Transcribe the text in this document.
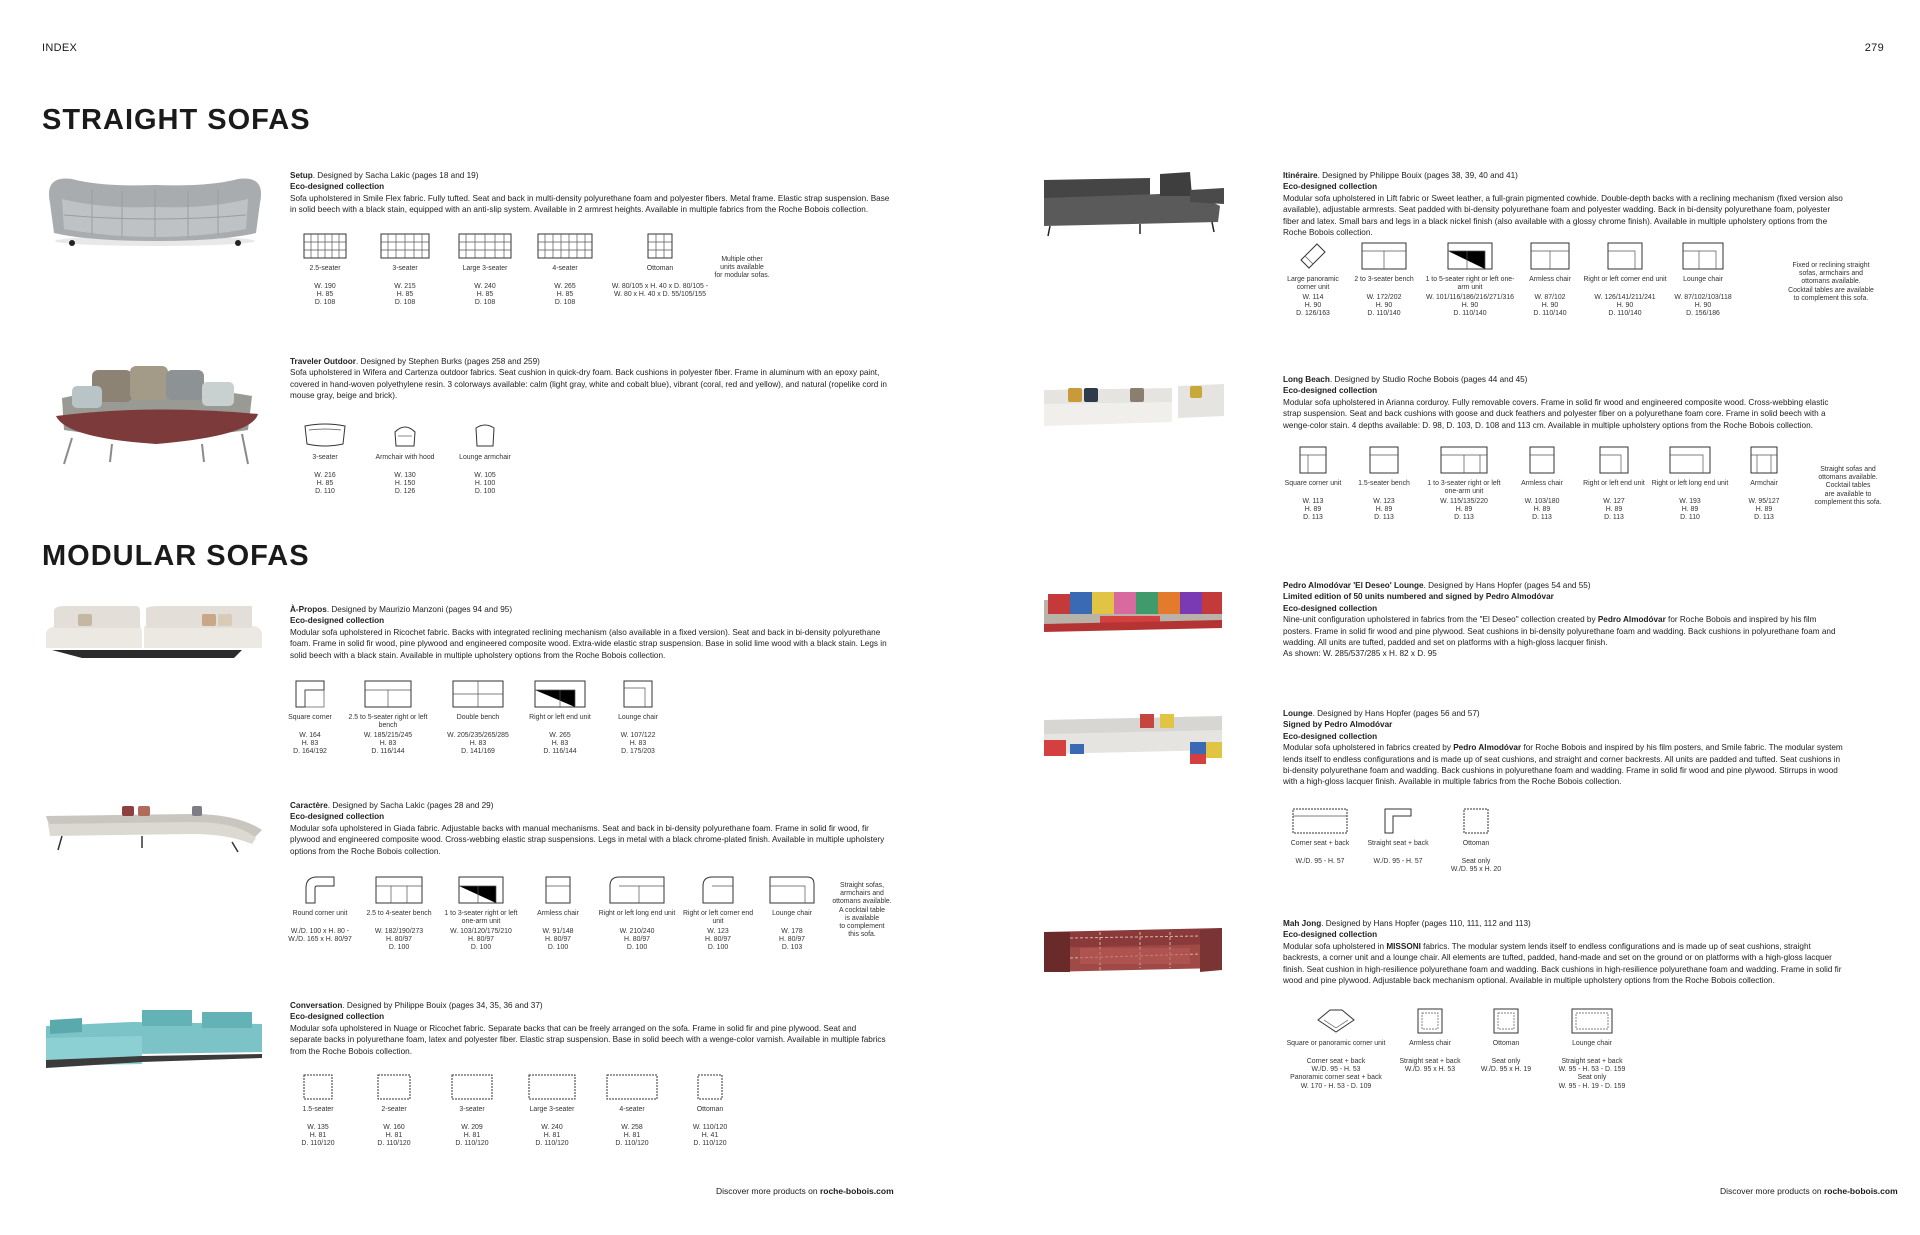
INDEX
STRAIGHT SOFAS
Setup. Designed by Sacha Lakic (pages 18 and 19)
Eco-designed collection
Sofa upholstered in Smile Flex fabric. Fully tufted. Seat and back in multi-density polyurethane foam and polyester fibers. Metal frame. Elastic strap suspension. Base in solid beech with a black stain, equipped with an anti-slip system. Available in 2 armrest heights. Available in multiple fabrics from the Roche Bobois collection.
2.5-seater
W. 190
H. 85
D. 108
3-seater
W. 215
H. 85
D. 108
Large 3-seater
W. 240
H. 85
D. 108
4-seater
W. 265
H. 85
D. 108
Ottoman
W. 80/105 x H. 40 x D. 80/105 -
W. 80 x H. 40 x D. 55/105/155
Multiple other
units available
for modular sofas.
Traveler Outdoor. Designed by Stephen Burks (pages 258 and 259)
Sofa upholstered in Wifera and Cartenza outdoor fabrics. Seat cushion in quick-dry foam. Back cushions in polyester fiber. Frame in aluminum with an epoxy paint, covered in hand-woven polyethylene resin. 3 colorways available: calm (light gray, white and cobalt blue), vibrant (coral, red and yellow), and natural (ropelike cord in mouse gray, beige and brick).
3-seater
W. 216
H. 85
D. 110
Armchair with hood
W. 130
H. 150
D. 126
Lounge armchair
W. 105
H. 100
D. 100
MODULAR SOFAS
À-Propos. Designed by Maurizio Manzoni (pages 94 and 95)
Eco-designed collection
Modular sofa upholstered in Ricochet fabric. Backs with integrated reclining mechanism (also available in a fixed version). Seat and back in bi-density polyurethane foam. Frame in solid fir wood, pine plywood and engineered composite wood. Extra-wide elastic strap suspension. Base in solid lime wood with a black stain. Legs in solid beech with a black stain. Available in multiple upholstery options from the Roche Bobois collection.
Square corner
W. 164
H. 83
D. 164/192
2.5 to 5-seater right or left bench
W. 185/215/245
H. 83
D. 116/144
Double bench
W. 205/235/265/285
H. 83
D. 141/169
Right or left end unit
W. 265
H. 83
D. 116/144
Lounge chair
W. 107/122
H. 83
D. 175/203
Caractère. Designed by Sacha Lakic (pages 28 and 29)
Eco-designed collection
Modular sofa upholstered in Giada fabric. Adjustable backs with manual mechanisms. Seat and back in bi-density polyurethane foam. Frame in solid fir wood, fir plywood and engineered composite wood. Cross-webbing elastic strap suspensions. Legs in metal with a black chrome-plated finish. Available in multiple upholstery options from the Roche Bobois collection.
Round corner unit
W./D. 100 x H. 80 -
W./D. 165 x H. 80/97
2.5 to 4-seater bench
W. 182/190/273
H. 80/97
D. 100
1 to 3-seater right or left one-arm unit
W. 103/120/175/210
H. 80/97
D. 100
Armless chair
W. 91/148
H. 80/97
D. 100
Right or left long end unit
W. 210/240
H. 80/97
D. 100
Right or left corner end unit
W. 123
H. 80/97
D. 100
Lounge chair
W. 178
H. 80/97
D. 103
Straight sofas,
armchairs and
ottomans available.
A cocktail table
is available
to complement
this sofa.
Conversation. Designed by Philippe Bouix (pages 34, 35, 36 and 37)
Eco-designed collection
Modular sofa upholstered in Nuage or Ricochet fabric. Separate backs that can be freely arranged on the sofa. Frame in solid fir and pine plywood. Seat and separate backs in polyurethane foam, latex and polyester fiber. Elastic strap suspension. Base in solid beech with a wenge-color varnish. Available in multiple fabrics from the Roche Bobois collection.
1.5-seater
W. 135
H. 81
D. 110/120
2-seater
W. 160
H. 81
D. 110/120
3-seater
W. 209
H. 81
D. 110/120
Large 3-seater
W. 240
H. 81
D. 110/120
4-seater
W. 258
H. 81
D. 110/120
Ottoman
W. 110/120
H. 41
D. 110/120
Discover more products on roche-bobois.com
279
Itinéraire. Designed by Philippe Bouix (pages 38, 39, 40 and 41)
Eco-designed collection
Modular sofa upholstered in Lift fabric or Sweet leather, a full-grain pigmented cowhide. Double-depth backs with a reclining mechanism (fixed version also available), adjustable armrests. Seat padded with bi-density polyurethane foam and polyester wadding. Back in bi-density polyurethane foam, polyester fiber and latex. Small bars and legs in a black nickel finish (also available with a glossy chrome finish). Available in multiple upholstery options from the Roche Bobois collection.
Large panoramic corner unit
W. 114
H. 90
D. 126/163
2 to 3-seater bench
W. 172/202
H. 90
D. 110/140
1 to 5-seater right or left one-arm unit
W. 101/116/186/216/271/316
H. 90
D. 110/140
Armless chair
W. 87/102
H. 90
D. 110/140
Right or left corner end unit
W. 126/141/211/241
H. 90
D. 110/140
Lounge chair
W. 87/102/103/118
H. 90
D. 156/186
Fixed or reclining straight
sofas, armchairs and
ottomans available.
Cocktail tables are available
to complement this sofa.
Long Beach. Designed by Studio Roche Bobois (pages 44 and 45)
Eco-designed collection
Modular sofa upholstered in Arianna corduroy. Fully removable covers. Frame in solid fir wood and engineered composite wood. Cross-webbing elastic strap suspension. Seat and back cushions with goose and duck feathers and polyester fiber on a polyurethane foam core. Frame in solid beech with a wenge-color stain. 4 depths available: D. 98, D. 103, D. 108 and 113 cm. Available in multiple upholstery options from the Roche Bobois collection.
Square corner unit
W. 113
H. 89
D. 113
1.5-seater bench
W. 123
H. 89
D. 113
1 to 3-seater right or left one-arm unit
W. 115/135/220
H. 89
D. 113
Armless chair
W. 103/180
H. 89
D. 113
Right or left end unit
W. 127
H. 89
D. 113
Right or left long end unit
W. 193
H. 89
D. 110
Armchair
W. 95/127
H. 89
D. 113
Straight sofas and
ottomans available.
Cocktail tables
are available to
complement this sofa.
Pedro Almodóvar 'El Deseo' Lounge. Designed by Hans Hopfer (pages 54 and 55)
Limited edition of 50 units numbered and signed by Pedro Almodóvar
Eco-designed collection
Nine-unit configuration upholstered in fabrics from the "El Deseo" collection created by Pedro Almodóvar for Roche Bobois and inspired by his film posters. Frame in solid fir wood and pine plywood. Seat cushions in bi-density polyurethane foam and wadding. Back cushions in polyurethane foam and wadding. All units are tufted, padded and set on platforms with a high-gloss lacquer finish.
As shown: W. 285/537/285 x H. 82 x D. 95
Lounge. Designed by Hans Hopfer (pages 56 and 57)
Signed by Pedro Almodóvar
Eco-designed collection
Modular sofa upholstered in fabrics created by Pedro Almodóvar for Roche Bobois and inspired by his film posters, and Smile fabric. The modular system lends itself to endless configurations and is made up of seat cushions, and straight and corner backrests. All units are padded and tufted. Seat cushions in bi-density polyurethane foam and wadding. Back cushions in polyurethane foam and wadding. Frame in solid fir wood and pine plywood. Stirrups in wood with a high-gloss lacquer finish. Available in multiple fabrics from the Roche Bobois collection.
Corner seat + back
W./D. 95 - H. 57
Straight seat + back
W./D. 95 - H. 57
Ottoman
Seat only
W./D. 95 x H. 20
Mah Jong. Designed by Hans Hopfer (pages 110, 111, 112 and 113)
Eco-designed collection
Modular sofa upholstered in MISSONI fabrics. The modular system lends itself to endless configurations and is made up of seat cushions, straight backrests, a corner unit and a lounge chair. All elements are tufted, padded, hand-made and set on the ground or on platforms with a high-gloss lacquer finish. Seat cushion in high-resilience polyurethane foam and wadding. Back cushions in high-resilience polyurethane foam and wadding. Frame in solid fir wood and pine plywood. Adjustable back mechanism optional. Available in multiple upholstery options from the Roche Bobois collection.
Square or panoramic corner unit
Corner seat + back
W./D. 95 - H. 53
Panoramic corner seat + back
W. 170 - H. 53 - D. 109
Armless chair
Straight seat + back
W./D. 95 x H. 53
Ottoman
Seat only
W./D. 95 x H. 19
Lounge chair
Straight seat + back
W. 95 - H. 53 - D. 159
Seat only
W. 95 - H. 19 - D. 159
Discover more products on roche-bobois.com
